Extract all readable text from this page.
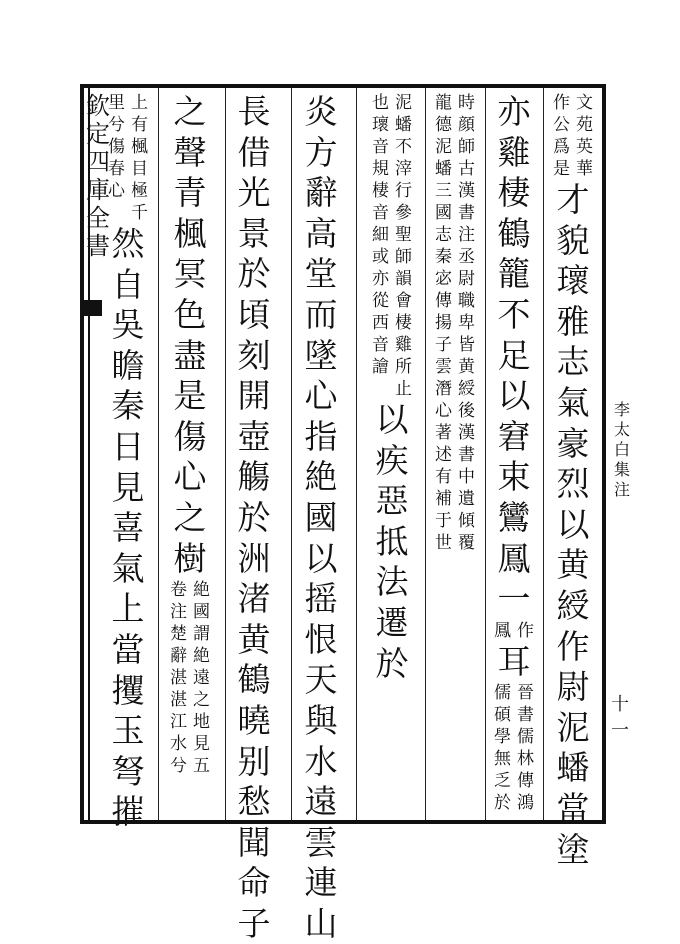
欽
定
四
庫
全
書
文
苑
英
華
作
公
爲
是
才
貌
瓌
雅
志
氣
豪
烈
以
黄
綬
作
尉
泥
蟠
當
塗
亦
雞
棲
鶴
籠
不
足
以
窘
束
鸞
鳳
一
作
鳳
耳
晉
書
儒
林
傳
鴻
儒
碩
學
無
乏
於
時
顔
師
古
漢
書
注
丞
尉
職
卑
皆
黄
綬
後
漢
書
中
遺
傾
覆
龍
德
泥
蟠
三
國
志
秦
宓
傳
揚
子
雲
潛
心
著
述
有
補
于
世
泥
蟠
不
滓
行
參
聖
師
韻
會
棲
雞
所
止
也
瓌
音
規
棲
音
細
或
亦
從
西
音
譮
以
疾
惡
抵
法
遷
於
炎
方
辭
高
堂
而
墜
心
指
絶
國
以
摇
恨
天
與
水
遠
雲
連
山
長
借
光
景
於
頃
刻
開
壺
觴
於
洲
渚
黄
鶴
曉
别
愁
聞
命
子
之
聲
青
楓
冥
色
盡
是
傷
心
之
樹
絶
國
謂
絶
遠
之
地
見
五
卷
注
楚
辭
湛
湛
江
水
兮
上
有
楓
目
極
千
里
兮
傷
春
心
然
自
吳
瞻
秦
日
見
喜
氣
上
當
攫
玉
弩
摧
李
太
白
集
注
十一
